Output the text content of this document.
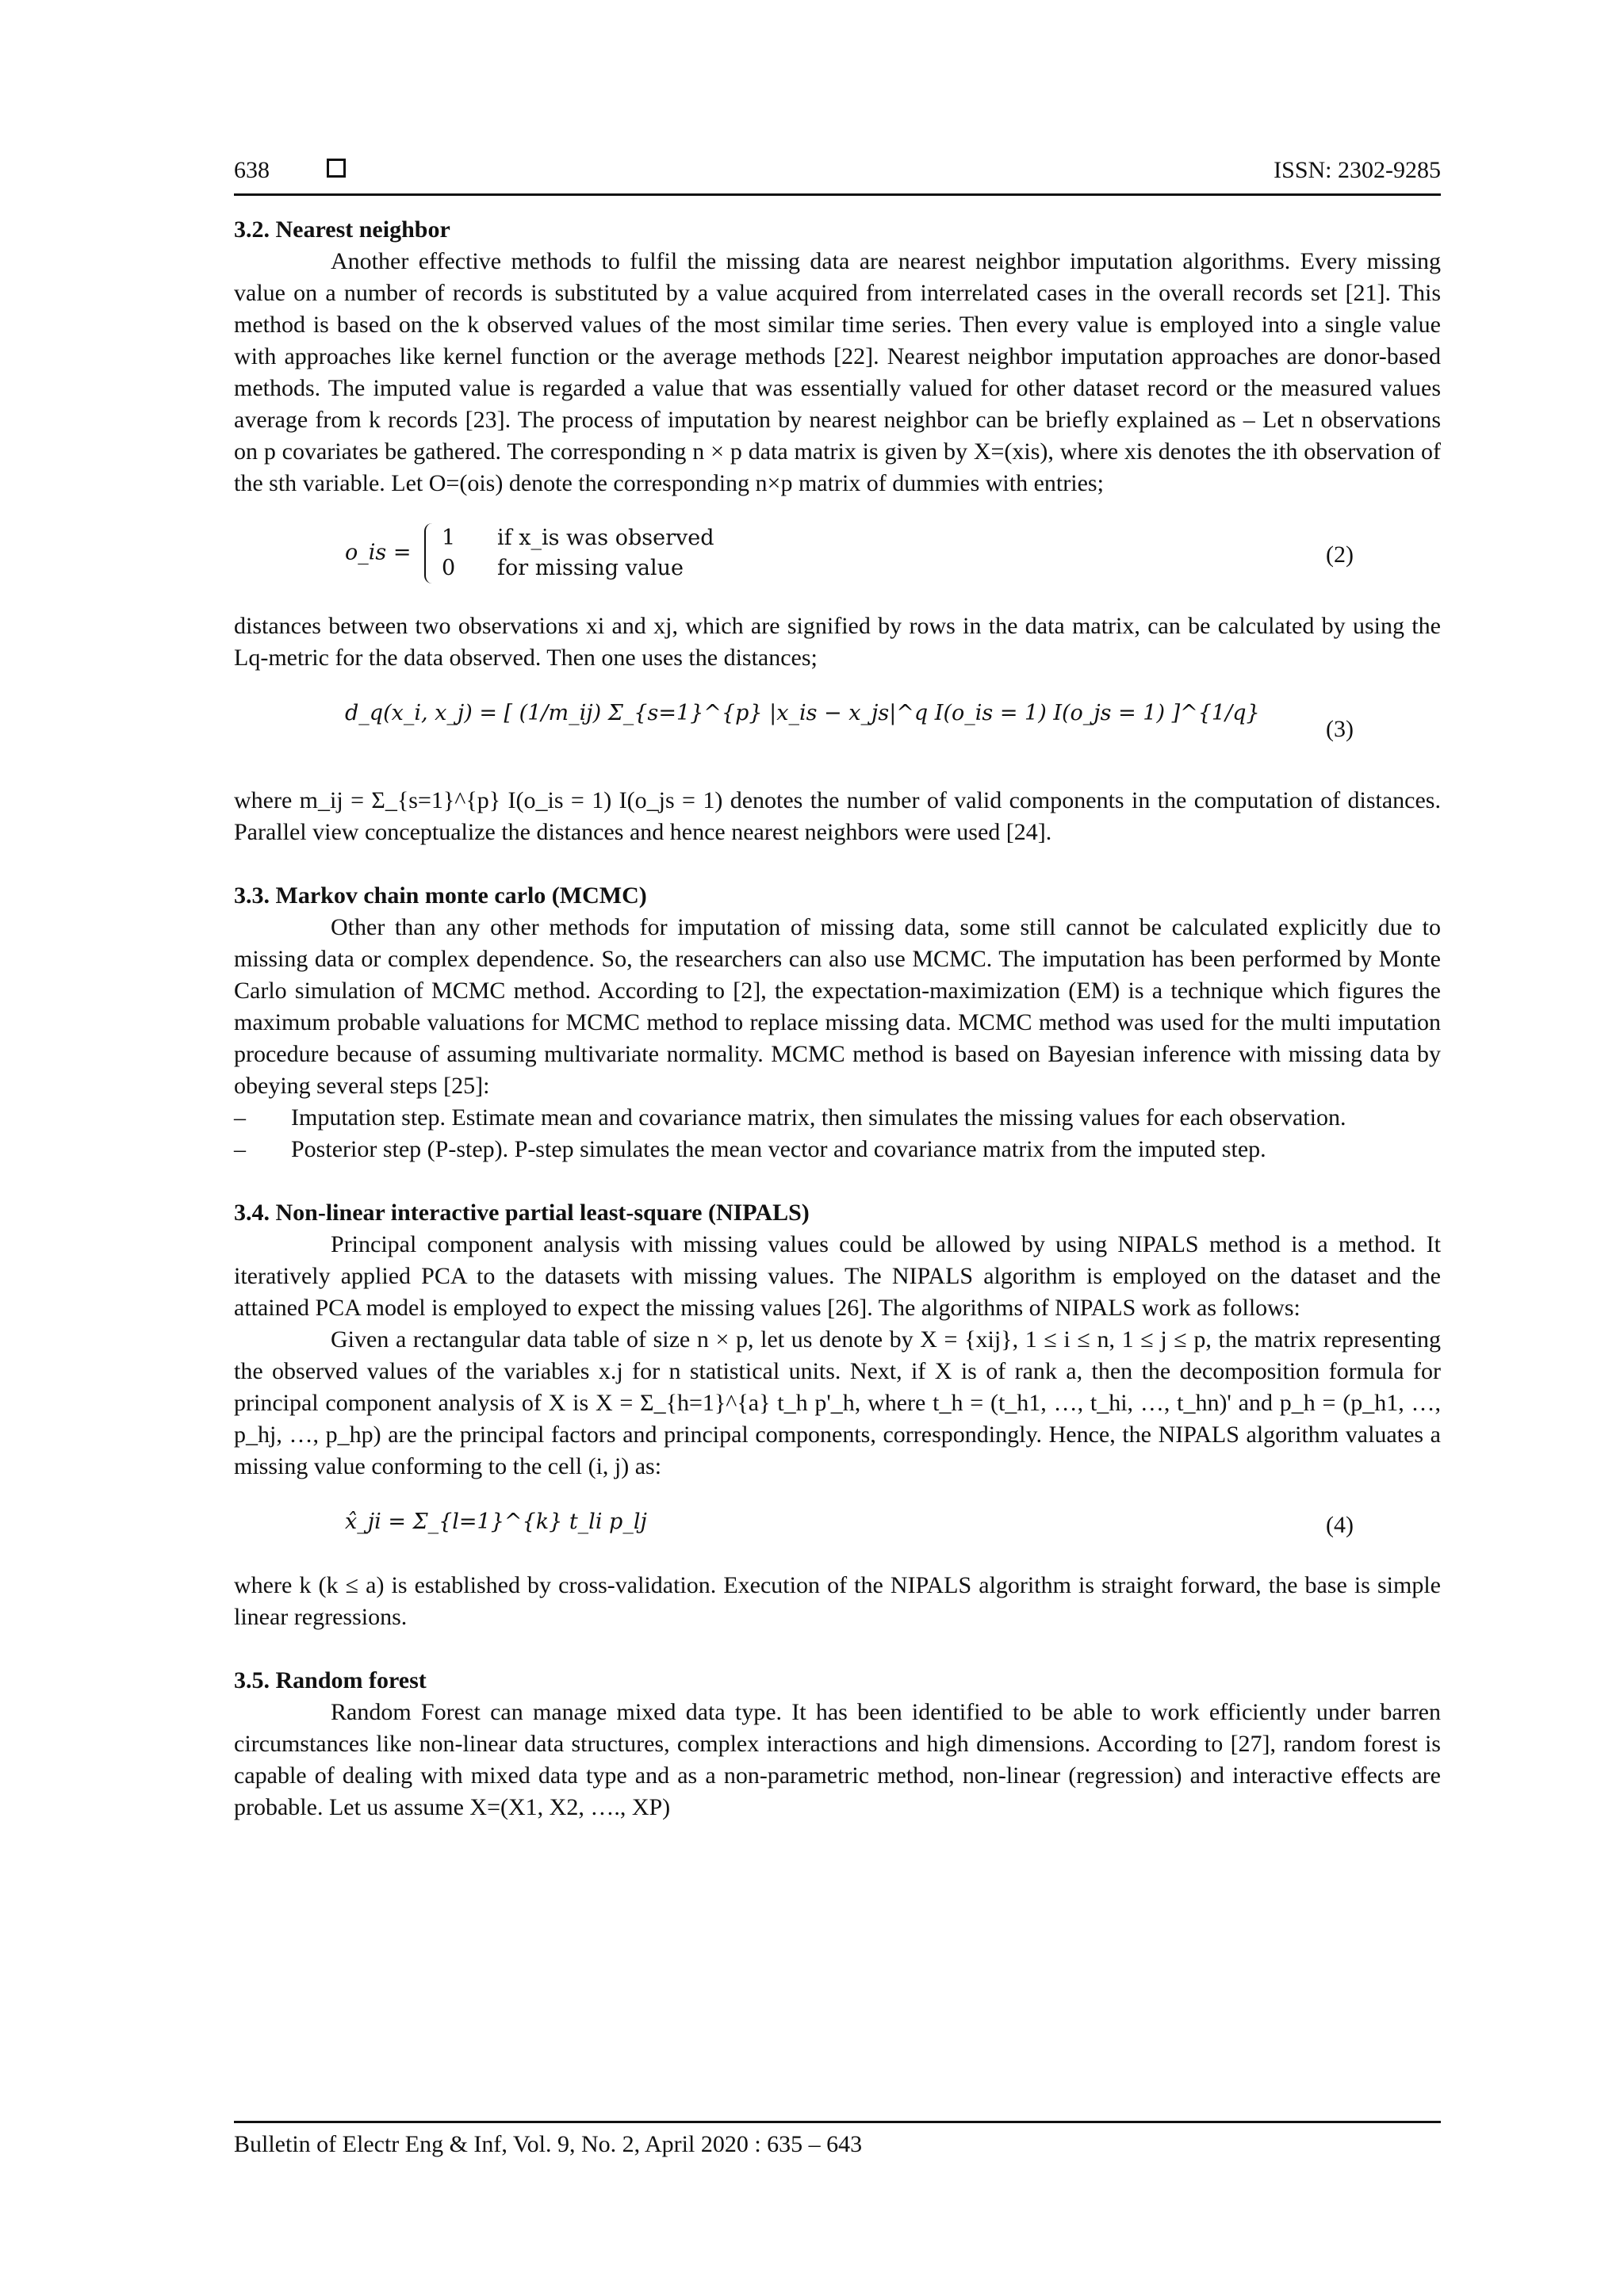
638	ISSN: 2302-9285
3.2. Nearest neighbor

Another effective methods to fulfil the missing data are nearest neighbor imputation algorithms. Every missing value on a number of records is substituted by a value acquired from interrelated cases in the overall records set [21]. This method is based on the k observed values of the most similar time series. Then every value is employed into a single value with approaches like kernel function or the average methods [22]. Nearest neighbor imputation approaches are donor-based methods. The imputed value is regarded a value that was essentially valued for other dataset record or the measured values average from k records [23]. The process of imputation by nearest neighbor can be briefly explained as – Let n observations on p covariates be gathered. The corresponding n × p data matrix is given by X=(xis), where xis denotes the ith observation of the sth variable. Let O=(ois) denote the corresponding n×p matrix of dummies with entries;

o_is = 1 if x_is was observed
0 for missing value
(2)

distances between two observations xi and xj, which are signified by rows in the data matrix, can be calculated by using the Lq-metric for the data observed. Then one uses the distances;

d_q(x_i, x_j) = [ (1/m_ij) Σ_{s=1}^{p} |x_is − x_js|^q I(o_is = 1) I(o_js = 1) ]^{1/q}
(3)

where m_ij = Σ_{s=1}^{p} I(o_is = 1) I(o_js = 1) denotes the number of valid components in the computation of distances. Parallel view conceptualize the distances and hence nearest neighbors were used [24].

3.3. Markov chain monte carlo (MCMC)

Other than any other methods for imputation of missing data, some still cannot be calculated explicitly due to missing data or complex dependence. So, the researchers can also use MCMC. The imputation has been performed by Monte Carlo simulation of MCMC method. According to [2], the expectation-maximization (EM) is a technique which figures the maximum probable valuations for MCMC method to replace missing data. MCMC method was used for the multi imputation procedure because of assuming multivariate normality. MCMC method is based on Bayesian inference with missing data by obeying several steps [25]:

– Imputation step. Estimate mean and covariance matrix, then simulates the missing values for each observation.
– Posterior step (P-step). P-step simulates the mean vector and covariance matrix from the imputed step.
3.4. Non-linear interactive partial least-square (NIPALS)

Principal component analysis with missing values could be allowed by using NIPALS method is a method. It iteratively applied PCA to the datasets with missing values. The NIPALS algorithm is employed on the dataset and the attained PCA model is employed to expect the missing values [26]. The algorithms of NIPALS work as follows:

Given a rectangular data table of size n × p, let us denote by X = {xij}, 1 ≤ i ≤ n, 1 ≤ j ≤ p, the matrix representing the observed values of the variables x.j for n statistical units. Next, if X is of rank a, then the decomposition formula for principal component analysis of X is X = Σ_{h=1}^{a} t_h p'_h, where t_h = (t_h1, …, t_hi, …, t_hn)' and p_h = (p_h1, …, p_hj, …, p_hp) are the principal factors and principal components, correspondingly. Hence, the NIPALS algorithm valuates a missing value conforming to the cell (i, j) as:

x̂_ji = Σ_{l=1}^{k} t_li p_lj	(4)

where k (k ≤ a) is established by cross-validation. Execution of the NIPALS algorithm is straight forward, the base is simple linear regressions.

3.5. Random forest

Random Forest can manage mixed data type. It has been identified to be able to work efficiently under barren circumstances like non-linear data structures, complex interactions and high dimensions. According to [27], random forest is capable of dealing with mixed data type and as a non-parametric method, non-linear (regression) and interactive effects are probable. Let us assume X=(X1, X2, …., XP)

Bulletin of Electr Eng & Inf, Vol. 9, No. 2, April 2020 : 635 – 643
